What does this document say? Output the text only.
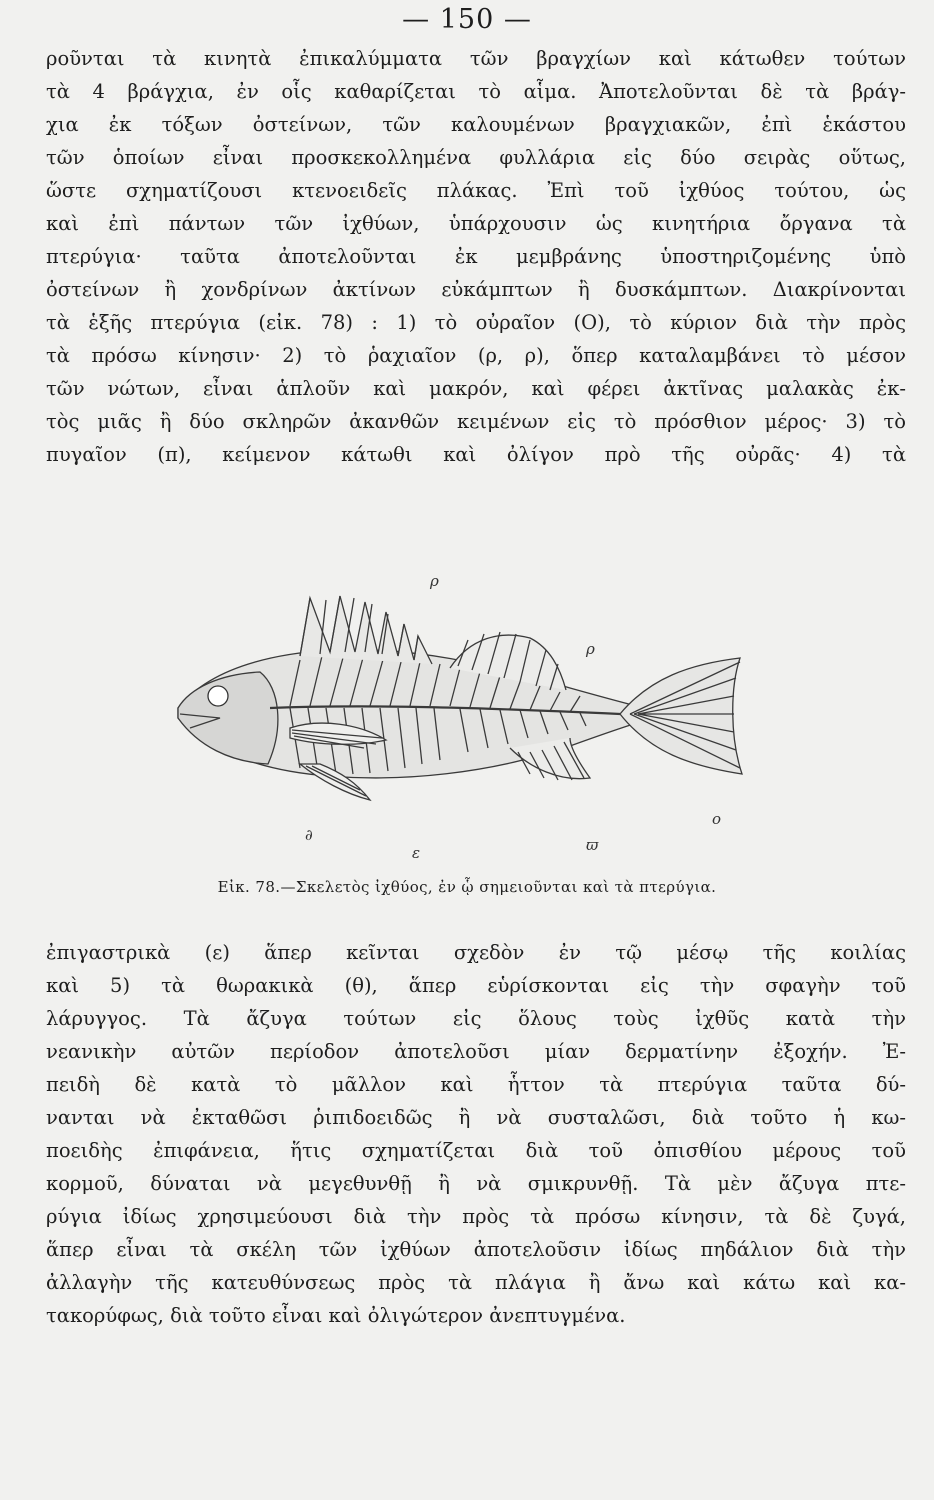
— 150 —
ροῦνται τὰ κινητὰ ἐπικαλύμματα τῶν βραγχίων καὶ κάτωθεν τούτων
τὰ 4 βράγχια, ἐν οἷς καθαρίζεται τὸ αἷμα. Ἀποτελοῦνται δὲ τὰ βράγ-
χια ἐκ τόξων ὀστείνων, τῶν καλουμένων βραγχιακῶν, ἐπὶ ἑκάστου
τῶν ὁποίων εἶναι προσκεκολλημένα φυλλάρια εἰς δύο σειρὰς οὕτως,
ὥστε σχηματίζουσι κτενοειδεῖς πλάκας. Ἐπὶ τοῦ ἰχθύος τούτου, ὡς
καὶ ἐπὶ πάντων τῶν ἰχθύων, ὑπάρχουσιν ὡς κινητήρια ὄργανα τὰ
πτερύγια· ταῦτα ἀποτελοῦνται ἐκ μεμβράνης ὑποστηριζομένης ὑπὸ
ὀστείνων ἢ χονδρίνων ἀκτίνων εὐκάμπτων ἢ δυσκάμπτων. Διακρίνονται
τὰ ἑξῆς πτερύγια (εἰκ. 78) : 1) τὸ οὐραῖον (Ο), τὸ κύριον διὰ τὴν πρὸς
τὰ πρόσω κίνησιν· 2) τὸ ῥαχιαῖον (ρ, ρ), ὅπερ καταλαμβάνει τὸ μέσον
τῶν νώτων, εἶναι ἁπλοῦν καὶ μακρόν, καὶ φέρει ἀκτῖνας μαλακὰς ἐκ-
τὸς μιᾶς ἢ δύο σκληρῶν ἀκανθῶν κειμένων εἰς τὸ πρόσθιον μέρος· 3) τὸ
πυγαῖον (π), κείμενον κάτωθι καὶ ὀλίγον πρὸ τῆς οὐρᾶς· 4) τὰ
ρ
ρ
∂
ε	ϖ
ο
Εἰκ. 78.—Σκελετὸς ἰχθύος, ἐν ᾧ σημειοῦνται καὶ τὰ πτερύγια.
ἐπιγαστρικὰ (ε) ἅπερ κεῖνται σχεδὸν ἐν τῷ μέσῳ τῆς κοιλίας
καὶ 5) τὰ θωρακικὰ (θ), ἅπερ εὑρίσκονται εἰς τὴν σφαγὴν τοῦ
λάρυγγος. Τὰ ἄζυγα τούτων εἰς ὅλους τοὺς ἰχθῦς κατὰ τὴν
νεανικὴν αὐτῶν περίοδον ἀποτελοῦσι μίαν δερματίνην ἐξοχήν. Ἐ-
πειδὴ δὲ κατὰ τὸ μᾶλλον καὶ ἧττον τὰ πτερύγια ταῦτα δύ-
νανται νὰ ἐκταθῶσι ῥιπιδοειδῶς ἢ νὰ συσταλῶσι, διὰ τοῦτο ἡ κω-
ποειδὴς ἐπιφάνεια, ἥτις σχηματίζεται διὰ τοῦ ὀπισθίου μέρους τοῦ
κορμοῦ, δύναται νὰ μεγεθυνθῇ ἢ νὰ σμικρυνθῇ. Τὰ μὲν ἄζυγα πτε-
ρύγια ἰδίως χρησιμεύουσι διὰ τὴν πρὸς τὰ πρόσω κίνησιν, τὰ δὲ ζυγά,
ἅπερ εἶναι τὰ σκέλη τῶν ἰχθύων ἀποτελοῦσιν ἰδίως πηδάλιον διὰ τὴν
ἀλλαγὴν τῆς κατευθύνσεως πρὸς τὰ πλάγια ἢ ἄνω καὶ κάτω καὶ κα-
τακορύφως, διὰ τοῦτο εἶναι καὶ ὀλιγώτερον ἀνεπτυγμένα.
